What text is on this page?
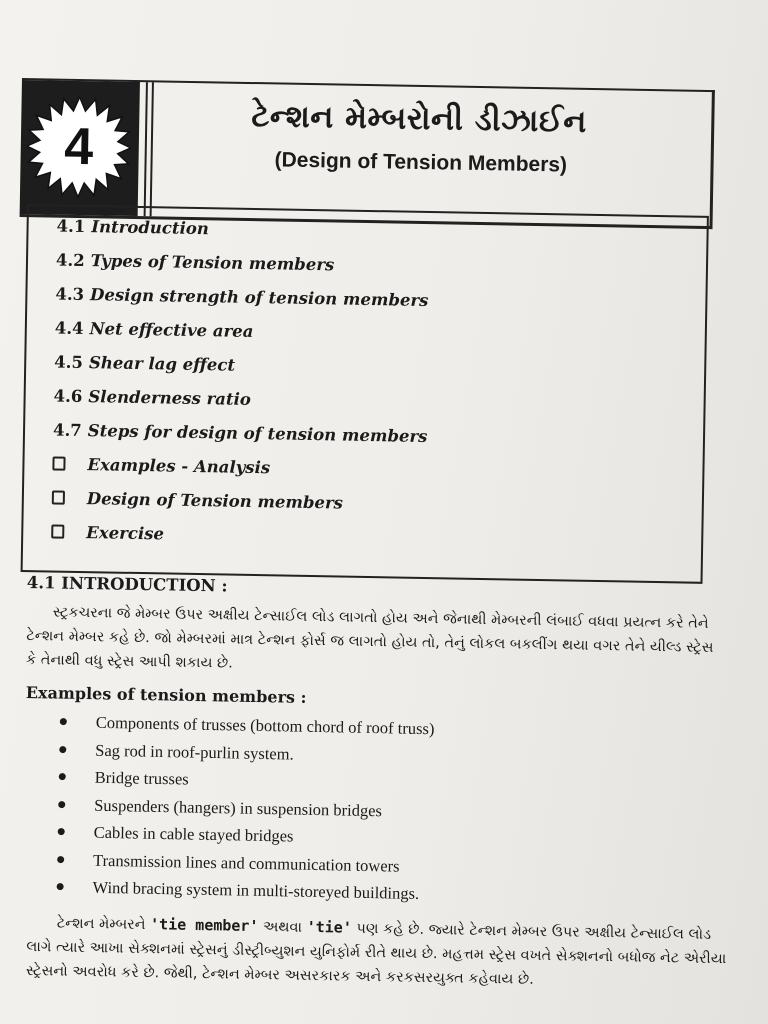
4	ટેન્શન મેમ્બરોની ડીઝાઈન
(Design of Tension Members)
4.1 Introduction
4.2 Types of Tension members
4.3 Design strength of tension members
4.4 Net effective area
4.5 Shear lag effect
4.6 Slenderness ratio
4.7 Steps for design of tension members
Examples - Analysis
Design of Tension members
Exercise
4.1 INTRODUCTION :

સ્ટ્રકચરના જે મેમ્બર ઉપર અક્ષીય ટેન્સાઈલ લોડ લાગતો હોય અને જેનાથી મેમ્બરની લંબાઈ વધવા પ્રયત્ન કરે તેને

ટેન્શન મેમ્બર કહે છે. જો મેમ્બરમાં માત્ર ટેન્શન ફોર્સ જ લાગતો હોય તો, તેનું લોકલ બકલીંગ થયા વગર તેને યીલ્ડ સ્ટ્રેસ

કે તેનાથી વધુ સ્ટ્રેસ આપી શકાય છે.

Examples of tension members :
Components of trusses (bottom chord of roof truss)
Sag rod in roof-purlin system.
Bridge trusses
Suspenders (hangers) in suspension bridges
Cables in cable stayed bridges
Transmission lines and communication towers
Wind bracing system in multi-storeyed buildings.

ટેન્શન મેમ્બરને 'tie member' અથવા 'tie' પણ કહે છે. જ્યારે ટેન્શન મેમ્બર ઉપર અક્ષીય ટેન્સાઈલ લોડ

લાગે ત્યારે આખા સેક્શનમાં સ્ટ્રેસનું ડીસ્ટ્રીબ્યુશન યુનિફોર્મ રીતે થાય છે. મહત્તમ સ્ટ્રેસ વખતે સેક્શનનો બધોજ નેટ એરીયા

સ્ટ્રેસનો અવરોધ કરે છે. જેથી, ટેન્શન મેમ્બર અસરકારક અને કરકસરયુક્ત કહેવાય છે.
